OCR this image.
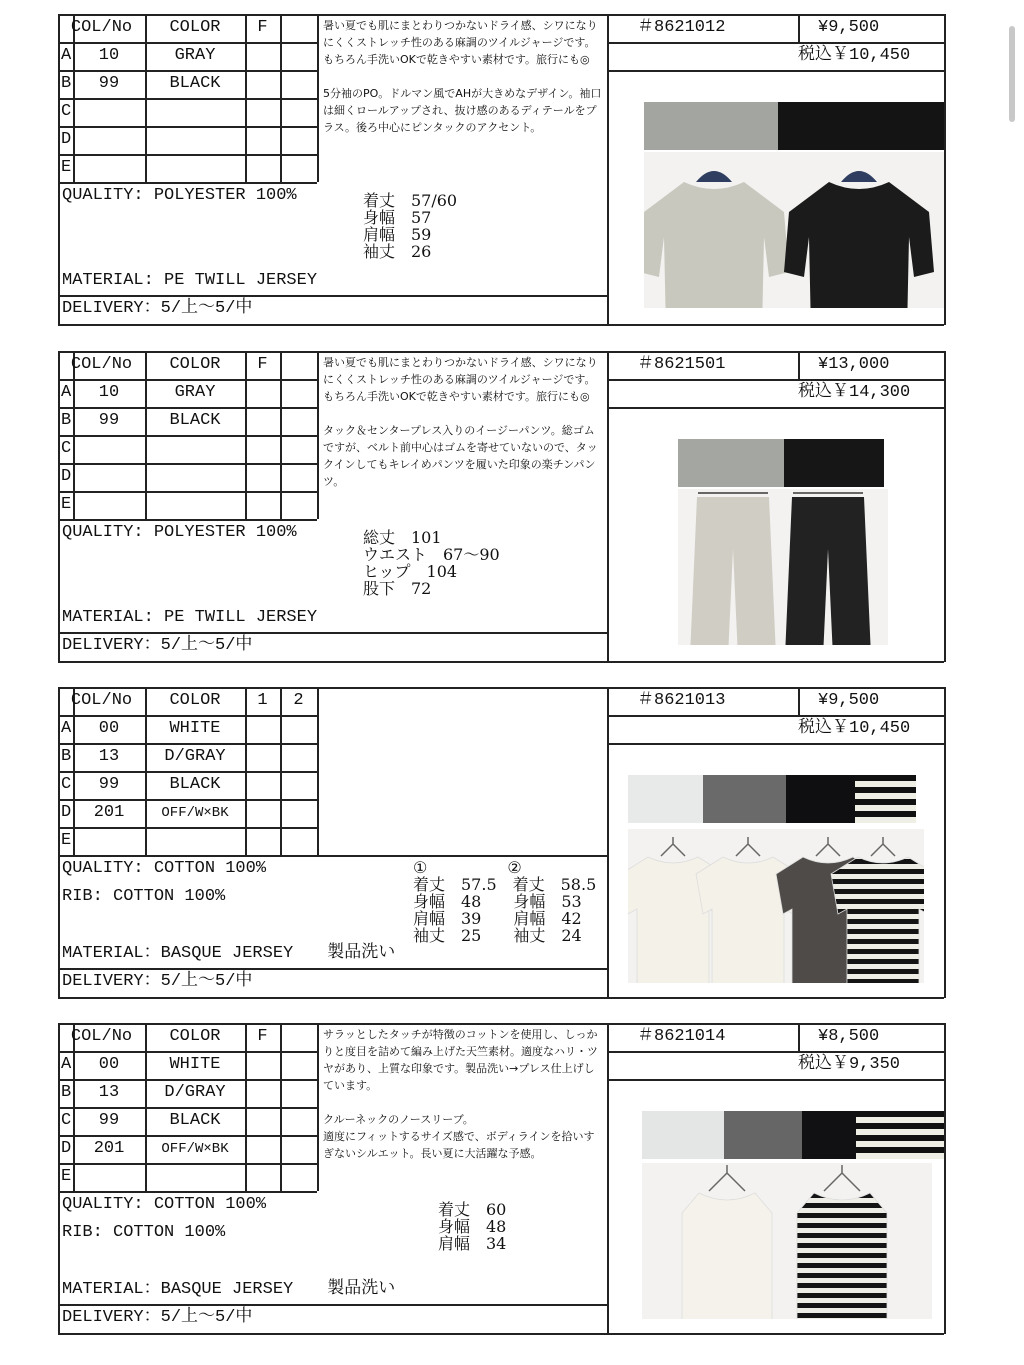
COL/No	COLOR	F
A	10	GRAY
B	99	BLACK
C
D
E
暑い夏でも肌にまとわりつかないドライ感、シワになりにくくストレッチ性のある麻調のツイルジャージです。もちろん手洗いOKで乾きやすい素材です。旅行にも◎

5分袖のPO。ドルマン風でAHが大きめなデザイン。袖口は細くロールアップされ、抜け感のあるディテールをプラス。後ろ中心にピンタックのアクセント。
＃8621012	¥9,500
税込￥10,450
QUALITY: POLYESTER 100%	着丈　57/60
身幅　57
肩幅　59
袖丈　26
MATERIAL: PE TWILL JERSEY
DELIVERY：5/上～5/中
COL/No	COLOR	F
A	10	GRAY
B	99	BLACK
C
D
E
暑い夏でも肌にまとわりつかないドライ感、シワになりにくくストレッチ性のある麻調のツイルジャージです。もちろん手洗いOKで乾きやすい素材です。旅行にも◎

タック＆センタープレス入りのイージーパンツ。総ゴムですが、ベルト前中心はゴムを寄せていないので、タックインしてもキレイめパンツを履いた印象の楽チンパンツ。
＃8621501	¥13,000
税込￥14,300
QUALITY: POLYESTER 100%	総丈　101
ウエスト　67～90
ヒップ　104
股下　72
MATERIAL: PE TWILL JERSEY
DELIVERY：5/上～5/中
COL/No	COLOR	1	2
A	00	WHITE
B	13	D/GRAY
C	99	BLACK
D	201	OFF/W×BK
E
＃8621013	¥9,500
税込￥10,450
QUALITY: COTTON 100%
RIB: COTTON 100%
①　　　　　②
着丈　57.5　着丈　58.5
身幅　48　　身幅　53
肩幅　39　　肩幅　42
袖丈　25　　袖丈　24
MATERIAL：BASQUE JERSEY　　製品洗い
DELIVERY：5/上～5/中
COL/No	COLOR	F
A	00	WHITE
B	13	D/GRAY
C	99	BLACK
D	201	OFF/W×BK
E
サラッとしたタッチが特徴のコットンを使用し、しっかりと度目を詰めて編み上げた天竺素材。適度なハリ・ツヤがあり、上質な印象です。製品洗い→プレス仕上げしています。

クルーネックのノースリーブ。
適度にフィットするサイズ感で、ボディラインを拾いすぎないシルエット。長い夏に大活躍な予感。
＃8621014	¥8,500
税込￥9,350
QUALITY: COTTON 100%
RIB: COTTON 100%
着丈　60
身幅　48
肩幅　34
MATERIAL：BASQUE JERSEY　　製品洗い
DELIVERY：5/上～5/中
